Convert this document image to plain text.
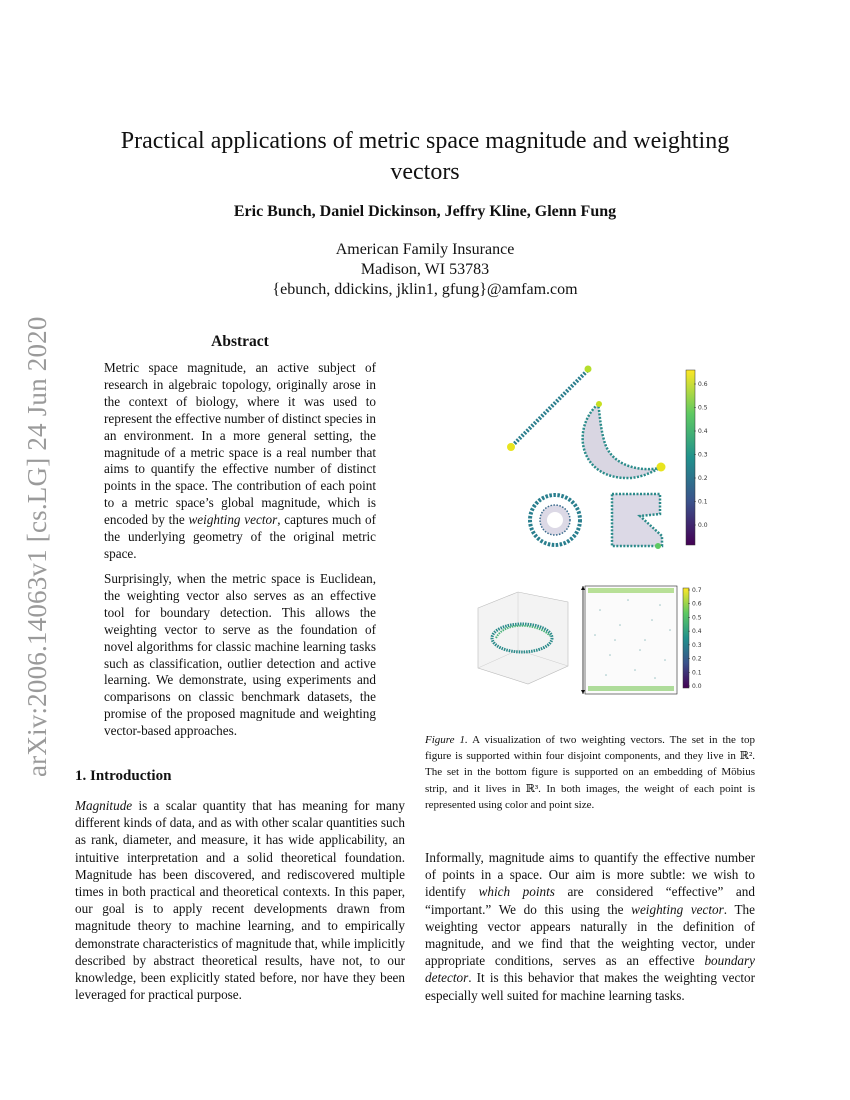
arXiv:2006.14063v1 [cs.LG] 24 Jun 2020
Practical applications of metric space magnitude and weighting
vectors
Eric Bunch, Daniel Dickinson, Jeffry Kline, Glenn Fung
American Family Insurance
Madison, WI 53783
{ebunch, ddickins, jklin1, gfung}@amfam.com
Abstract
Metric space magnitude, an active subject of research in algebraic topology, originally arose in the context of biology, where it was used to represent the effective number of distinct species in an environment. In a more general setting, the magnitude of a metric space is a real number that aims to quantify the effective number of distinct points in the space. The contribution of each point to a metric space’s global magnitude, which is encoded by the weighting vector, captures much of the underlying geometry of the original metric space.
Surprisingly, when the metric space is Euclidean, the weighting vector also serves as an effective tool for boundary detection. This allows the weighting vector to serve as the foundation of novel algorithms for classic machine learning tasks such as classification, outlier detection and active learning. We demonstrate, using experiments and comparisons on classic benchmark datasets, the promise of the proposed magnitude and weighting vector-based approaches.
1. Introduction
Magnitude is a scalar quantity that has meaning for many different kinds of data, and as with other scalar quantities such as rank, diameter, and measure, it has wide applicability, an intuitive interpretation and a solid theoretical foundation. Magnitude has been discovered, and rediscovered multiple times in both practical and theoretical contexts. In this paper, our goal is to apply recent developments drawn from magnitude theory to machine learning, and to empirically demonstrate characteristics of magnitude that, while implicitly described by abstract theoretical results, have not, to our knowledge, been explicitly stated before, nor have they been leveraged for practical purpose.
Informally, magnitude aims to quantify the effective number of points in a space. Our aim is more subtle: we wish to identify which points are considered “effective” and “important.” We do this using the weighting vector. The weighting vector appears naturally in the definition of magnitude, and we find that the weighting vector, under appropriate conditions, serves as an effective boundary detector. It is this behavior that makes the weighting vector especially well suited for machine learning tasks.
0.6
0.5
0.4
0.3
0.2
0.1
0.0
0.7
0.6
0.5
0.4
0.3
0.2
0.1
0.0
Figure 1. A visualization of two weighting vectors. The set in the top figure is supported within four disjoint components, and they live in ℝ². The set in the bottom figure is supported on an embedding of Möbius strip, and it lives in ℝ³. In both images, the weight of each point is represented using color and point size.
